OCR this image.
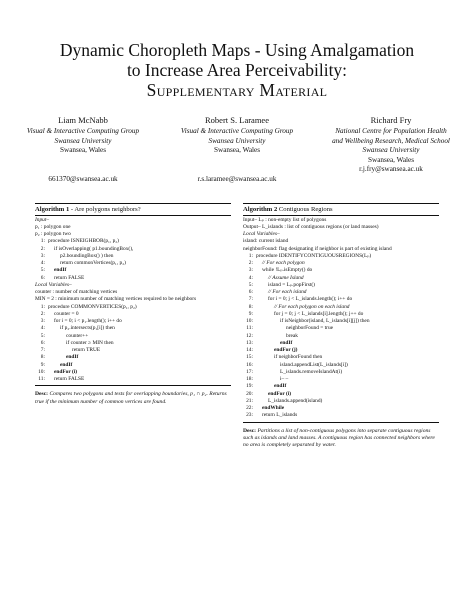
Dynamic Choropleth Maps - Using Amalgamation
to Increase Area Perceivability:
Supplementary Material
Liam McNabb
Visual & Interactive Computing Group
Swansea University
Swansea, Wales
661370@swansea.ac.uk
Robert S. Laramee
Visual & Interactive Computing Group
Swansea University
Swansea, Wales
r.s.laramee@swansea.ac.uk
Richard Fry
National Centre for Population Health
and Wellbeing Research, Medical School
Swansea University
Swansea, Wales
r.j.fry@swansea.ac.uk
Algorithm 1 - Are polygons neighbors?
Input–
p₁ : polygon one
p₂ : polygon two
1: procedure ISNEIGHBOR(p₁, p₂)
2: if isOverlapping( p1.boundingBox(),
3:	p2.boundingBox() ) then
4:	return commonVertices(p₁, p₂)
5: endIf
6: return FALSE
Local Variables–
counter : number of matching vertices
MIN = 2 : minimum number of matching vertices required to be neighbors
1: procedure COMMONVERTICES(p₁, p₂)
2: counter = 0
3: for i = 0; i < p₁.length(); i++ do
4:	if p₂.intersects(p₁[i]) then
5:	counter++
6:	if counter ≥ MIN then
7:	return TRUE
8:	endIf
9:	endIf
10: endFor (i)
11: return FALSE
Desc: Compares two polygons and tests for overlapping boundaries, p₁ ∩ p₂. Returns true if the minimum number of common vertices are found.
Algorithm 2 Contiguous Regions
Input– Lₚ : non-empty list of polygons
Output– L_islands : list of contiguous regions (or land masses)
Local Variables–
island: current island
neighborFound: flag designating if neighbor is part of existing island
1: procedure IDENTIFYCONTIGUOUSREGIONS(Lₚ)
2: // For each polygon
3: while !Lₚ.isEmpty() do
4:	// Assume Island
5:	island = Lₚ.popFirst()
6:	// For each island
7:	for i = 0; j < L_islands.length(); i++ do
8:	// For each polygon on each island
9:	for j = 0; j < L_islands[i].length(); j++ do
10:	if isNeighbor(island, L_islands[i][j]) then
11:	neighborFound = true
12:	break
13:	endIf
14:	endFor (j)
15:	if neighborFound then
16:	island.appendList(L_islands[i])
17:	L_islands.removeIslandAt(i)
18:	i– –
19:	endIf
20:	endFor (i)
21:	L_islands.append(island)
22: endWhile
23: return L_islands
Desc: Partitions a list of non-contiguous polygons into separate contiguous regions such as islands and land masses. A contiguous region has connected neighbors where no area is completely separated by water.
